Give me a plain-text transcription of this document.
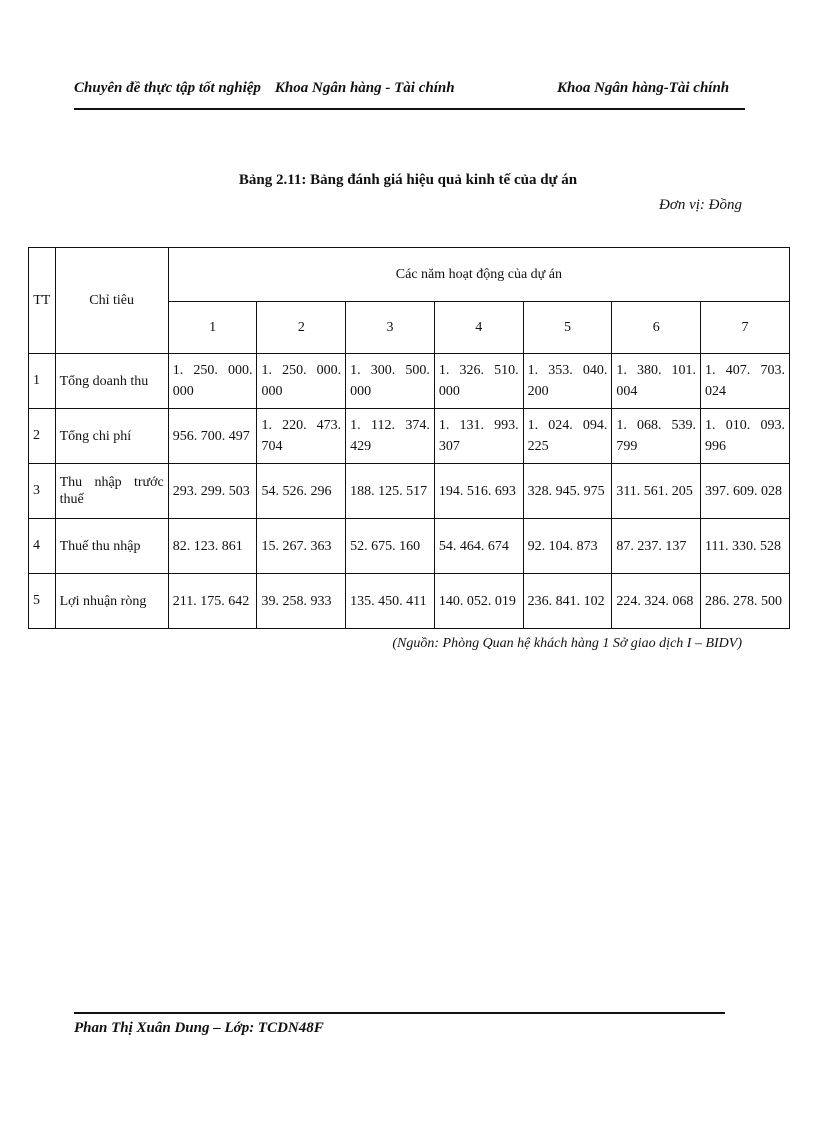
Chuyên đề thực tập tốt nghiệp Khoa Ngân hàng - Tài chính	Khoa Ngân hàng-Tài chính
Bảng 2.11: Bảng đánh giá hiệu quả kinh tế của dự án
Đơn vị: Đồng
TT	Chỉ tiêu	Các năm hoạt động của dự án						
		1	2	3	4	5	6	7
1	Tổng doanh thu	1. 250. 000. 000	1. 250. 000. 000	1. 300. 500. 000	1. 326. 510. 000	1. 353. 040. 200	1. 380. 101. 004	1. 407. 703. 024
2	Tổng chi phí	956. 700. 497	1. 220. 473. 704	1. 112. 374. 429	1. 131. 993. 307	1. 024. 094. 225	1. 068. 539. 799	1. 010. 093. 996
3	Thu nhập trước thuế	293. 299. 503	54. 526. 296	188. 125. 517	194. 516. 693	328. 945. 975	311. 561. 205	397. 609. 028
4	Thuế thu nhập	82. 123. 861	15. 267. 363	52. 675. 160	54. 464. 674	92. 104. 873	87. 237. 137	111. 330. 528
5	Lợi nhuận ròng	211. 175. 642	39. 258. 933	135. 450. 411	140. 052. 019	236. 841. 102	224. 324. 068	286. 278. 500
(Nguồn: Phòng Quan hệ khách hàng 1 Sở giao dịch I – BIDV)
Phan Thị Xuân Dung – Lớp: TCDN48F
